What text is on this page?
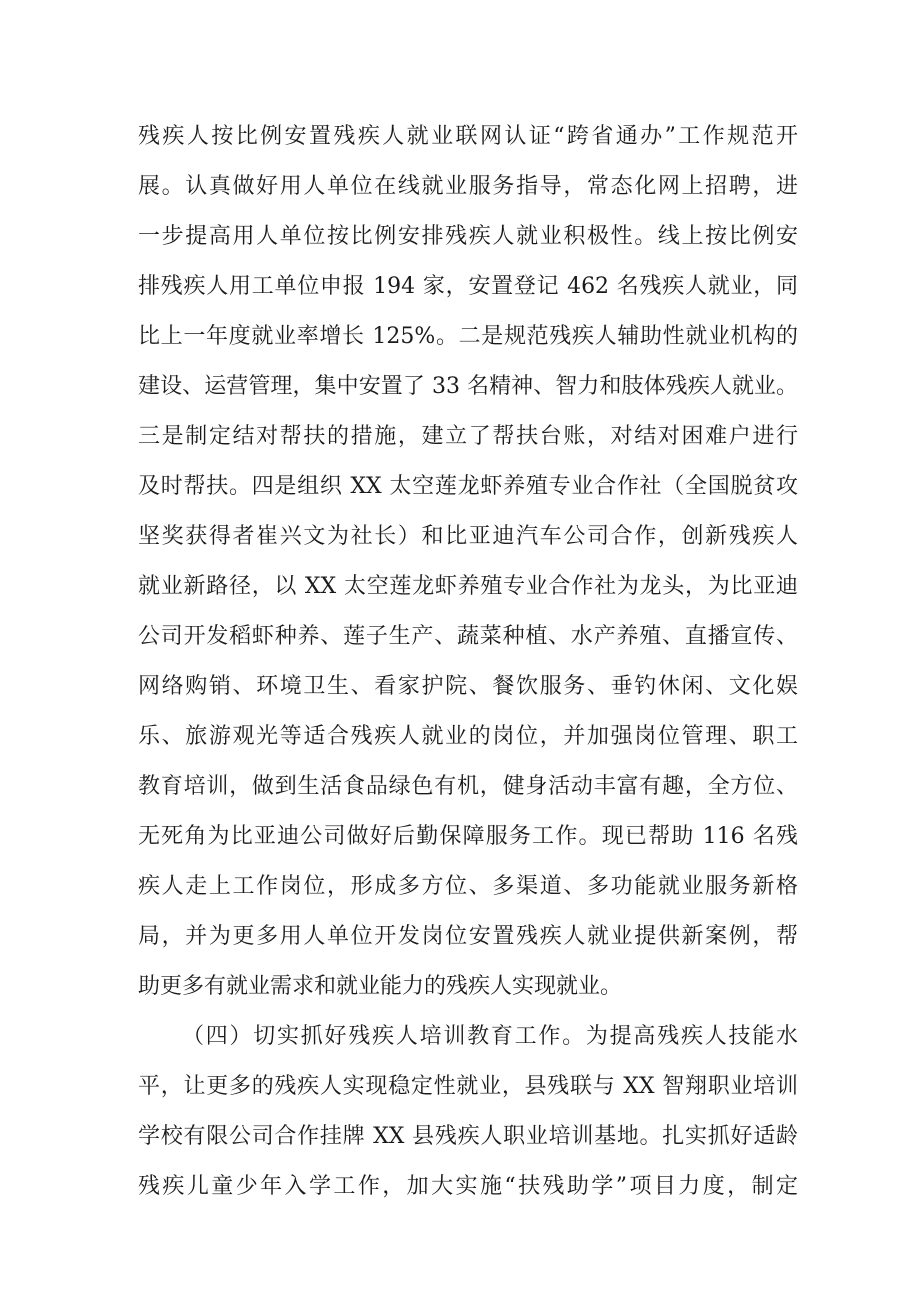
残疾人按比例安置残疾人就业联网认证“跨省通办”工作规范开
展。认真做好用人单位在线就业服务指导，常态化网上招聘，进
一步提高用人单位按比例安排残疾人就业积极性。线上按比例安
排残疾人用工单位申报 194 家，安置登记 462 名残疾人就业，同
比上一年度就业率增长 125%。二是规范残疾人辅助性就业机构的
建设、运营管理，集中安置了 33 名精神、智力和肢体残疾人就业。
三是制定结对帮扶的措施，建立了帮扶台账，对结对困难户进行
及时帮扶。四是组织 XX 太空莲龙虾养殖专业合作社（全国脱贫攻
坚奖获得者崔兴文为社长）和比亚迪汽车公司合作，创新残疾人
就业新路径，以 XX 太空莲龙虾养殖专业合作社为龙头，为比亚迪
公司开发稻虾种养、莲子生产、蔬菜种植、水产养殖、直播宣传、
网络购销、环境卫生、看家护院、餐饮服务、垂钓休闲、文化娱
乐、旅游观光等适合残疾人就业的岗位，并加强岗位管理、职工
教育培训，做到生活食品绿色有机，健身活动丰富有趣，全方位、
无死角为比亚迪公司做好后勤保障服务工作。现已帮助 116 名残
疾人走上工作岗位，形成多方位、多渠道、多功能就业服务新格
局，并为更多用人单位开发岗位安置残疾人就业提供新案例，帮
助更多有就业需求和就业能力的残疾人实现就业。
（四）切实抓好残疾人培训教育工作。为提高残疾人技能水
平，让更多的残疾人实现稳定性就业，县残联与 XX 智翔职业培训
学校有限公司合作挂牌 XX 县残疾人职业培训基地。扎实抓好适龄
残疾儿童少年入学工作，加大实施“扶残助学”项目力度，制定
